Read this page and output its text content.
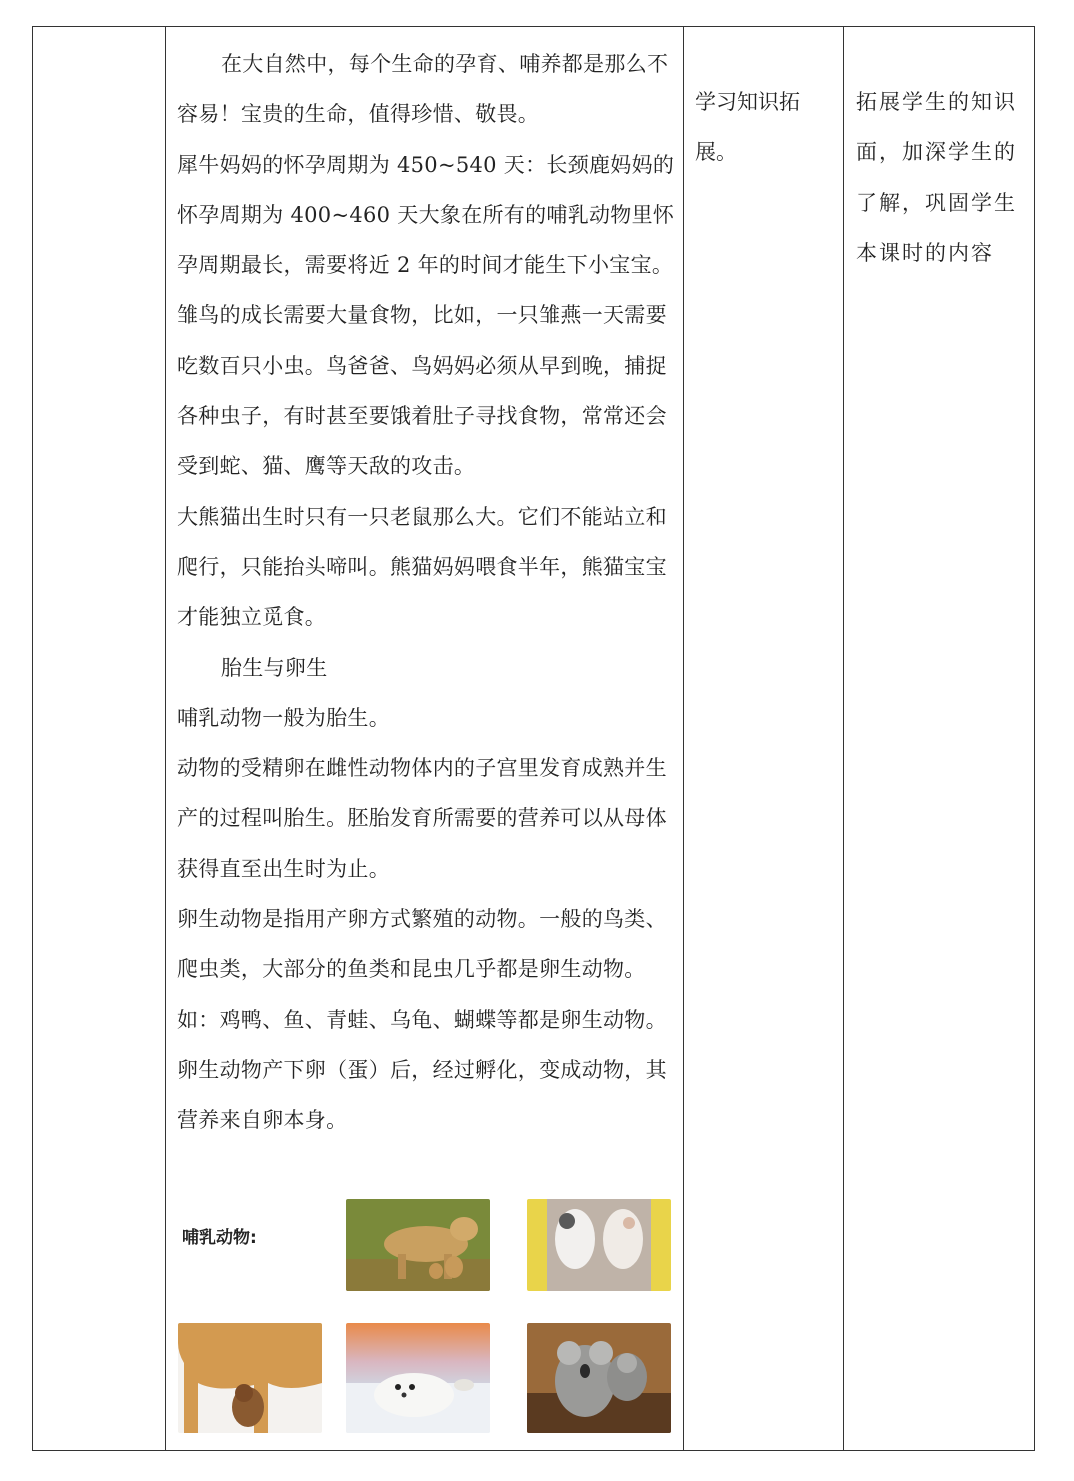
在大自然中，每个生命的孕育、哺养都是那么不容易！宝贵的生命，值得珍惜、敬畏。

犀牛妈妈的怀孕周期为 450~540 天：长颈鹿妈妈的怀孕周期为 400~460 天大象在所有的哺乳动物里怀孕周期最长，需要将近 2 年的时间才能生下小宝宝。

雏鸟的成长需要大量食物，比如，一只雏燕一天需要吃数百只小虫。鸟爸爸、鸟妈妈必须从早到晚，捕捉各种虫子，有时甚至要饿着肚子寻找食物，常常还会受到蛇、猫、鹰等天敌的攻击。

大熊猫出生时只有一只老鼠那么大。它们不能站立和爬行，只能抬头啼叫。熊猫妈妈喂食半年，熊猫宝宝才能独立觅食。

胎生与卵生

哺乳动物一般为胎生。

动物的受精卵在雌性动物体内的子宫里发育成熟并生产的过程叫胎生。胚胎发育所需要的营养可以从母体获得直至出生时为止。

卵生动物是指用产卵方式繁殖的动物。一般的鸟类、爬虫类，大部分的鱼类和昆虫几乎都是卵生动物。如：鸡鸭、鱼、青蛙、乌龟、蝴蝶等都是卵生动物。卵生动物产下卵（蛋）后，经过孵化，变成动物，其营养来自卵本身。

学习知识拓展。
拓展学生的知识面，加深学生的了解，巩固学生本课时的内容
哺乳动物:
